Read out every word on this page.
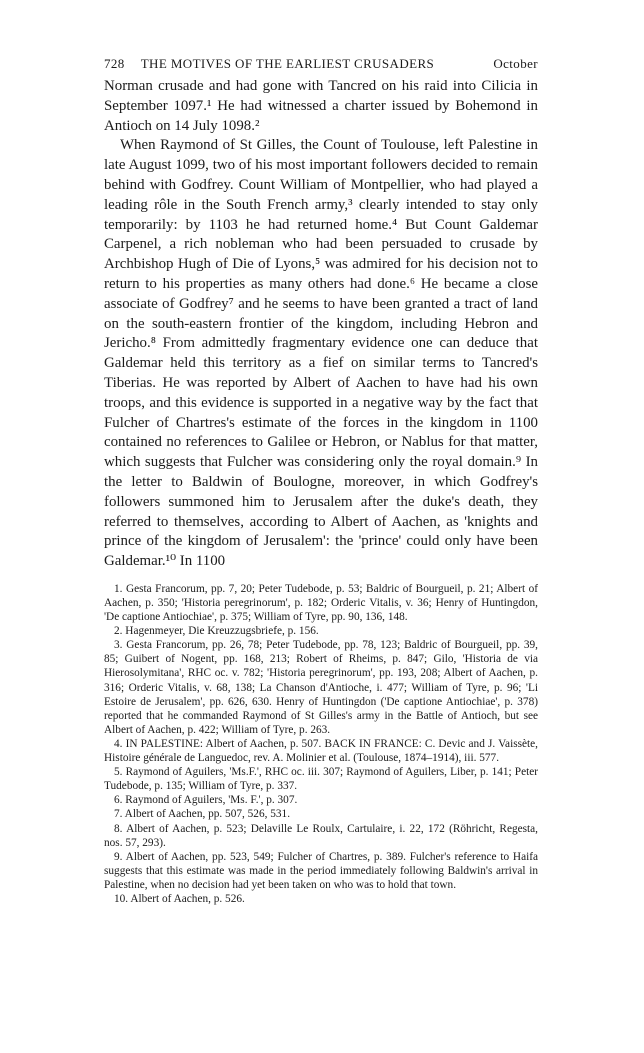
728	THE MOTIVES OF THE EARLIEST CRUSADERS	October

Norman crusade and had gone with Tancred on his raid into Cilicia in September 1097.¹ He had witnessed a charter issued by Bohemond in Antioch on 14 July 1098.²

When Raymond of St Gilles, the Count of Toulouse, left Palestine in late August 1099, two of his most important followers decided to remain behind with Godfrey. Count William of Montpellier, who had played a leading rôle in the South French army,³ clearly intended to stay only temporarily: by 1103 he had returned home.⁴ But Count Galdemar Carpenel, a rich nobleman who had been persuaded to crusade by Archbishop Hugh of Die of Lyons,⁵ was admired for his decision not to return to his properties as many others had done.⁶ He became a close associate of Godfrey⁷ and he seems to have been granted a tract of land on the south-eastern frontier of the kingdom, including Hebron and Jericho.⁸ From admittedly fragmentary evidence one can deduce that Galdemar held this territory as a fief on similar terms to Tancred's Tiberias. He was reported by Albert of Aachen to have had his own troops, and this evidence is supported in a negative way by the fact that Fulcher of Chartres's estimate of the forces in the kingdom in 1100 contained no references to Galilee or Hebron, or Nablus for that matter, which suggests that Fulcher was considering only the royal domain.⁹ In the letter to Baldwin of Boulogne, moreover, in which Godfrey's followers summoned him to Jerusalem after the duke's death, they referred to themselves, according to Albert of Aachen, as 'knights and prince of the kingdom of Jerusalem': the 'prince' could only have been Galdemar.¹⁰ In 1100

1. Gesta Francorum, pp. 7, 20; Peter Tudebode, p. 53; Baldric of Bourgueil, p. 21; Albert of Aachen, p. 350; 'Historia peregrinorum', p. 182; Orderic Vitalis, v. 36; Henry of Huntingdon, 'De captione Antiochiae', p. 375; William of Tyre, pp. 90, 136, 148.

2. Hagenmeyer, Die Kreuzzugsbriefe, p. 156.

3. Gesta Francorum, pp. 26, 78; Peter Tudebode, pp. 78, 123; Baldric of Bourgueil, pp. 39, 85; Guibert of Nogent, pp. 168, 213; Robert of Rheims, p. 847; Gilo, 'Historia de via Hierosolymitana', RHC oc. v. 782; 'Historia peregrinorum', pp. 193, 208; Albert of Aachen, p. 316; Orderic Vitalis, v. 68, 138; La Chanson d'Antioche, i. 477; William of Tyre, p. 96; 'Li Estoire de Jerusalem', pp. 626, 630. Henry of Huntingdon ('De captione Antiochiae', p. 378) reported that he commanded Raymond of St Gilles's army in the Battle of Antioch, but see Albert of Aachen, p. 422; William of Tyre, p. 263.

4. IN PALESTINE: Albert of Aachen, p. 507. BACK IN FRANCE: C. Devic and J. Vaissète, Histoire générale de Languedoc, rev. A. Molinier et al. (Toulouse, 1874–1914), iii. 577.

5. Raymond of Aguilers, 'Ms.F.', RHC oc. iii. 307; Raymond of Aguilers, Liber, p. 141; Peter Tudebode, p. 135; William of Tyre, p. 337.

6. Raymond of Aguilers, 'Ms. F.', p. 307.

7. Albert of Aachen, pp. 507, 526, 531.

8. Albert of Aachen, p. 523; Delaville Le Roulx, Cartulaire, i. 22, 172 (Röhricht, Regesta, nos. 57, 293).

9. Albert of Aachen, pp. 523, 549; Fulcher of Chartres, p. 389. Fulcher's reference to Haifa suggests that this estimate was made in the period immediately following Baldwin's arrival in Palestine, when no decision had yet been taken on who was to hold that town.

10. Albert of Aachen, p. 526.
